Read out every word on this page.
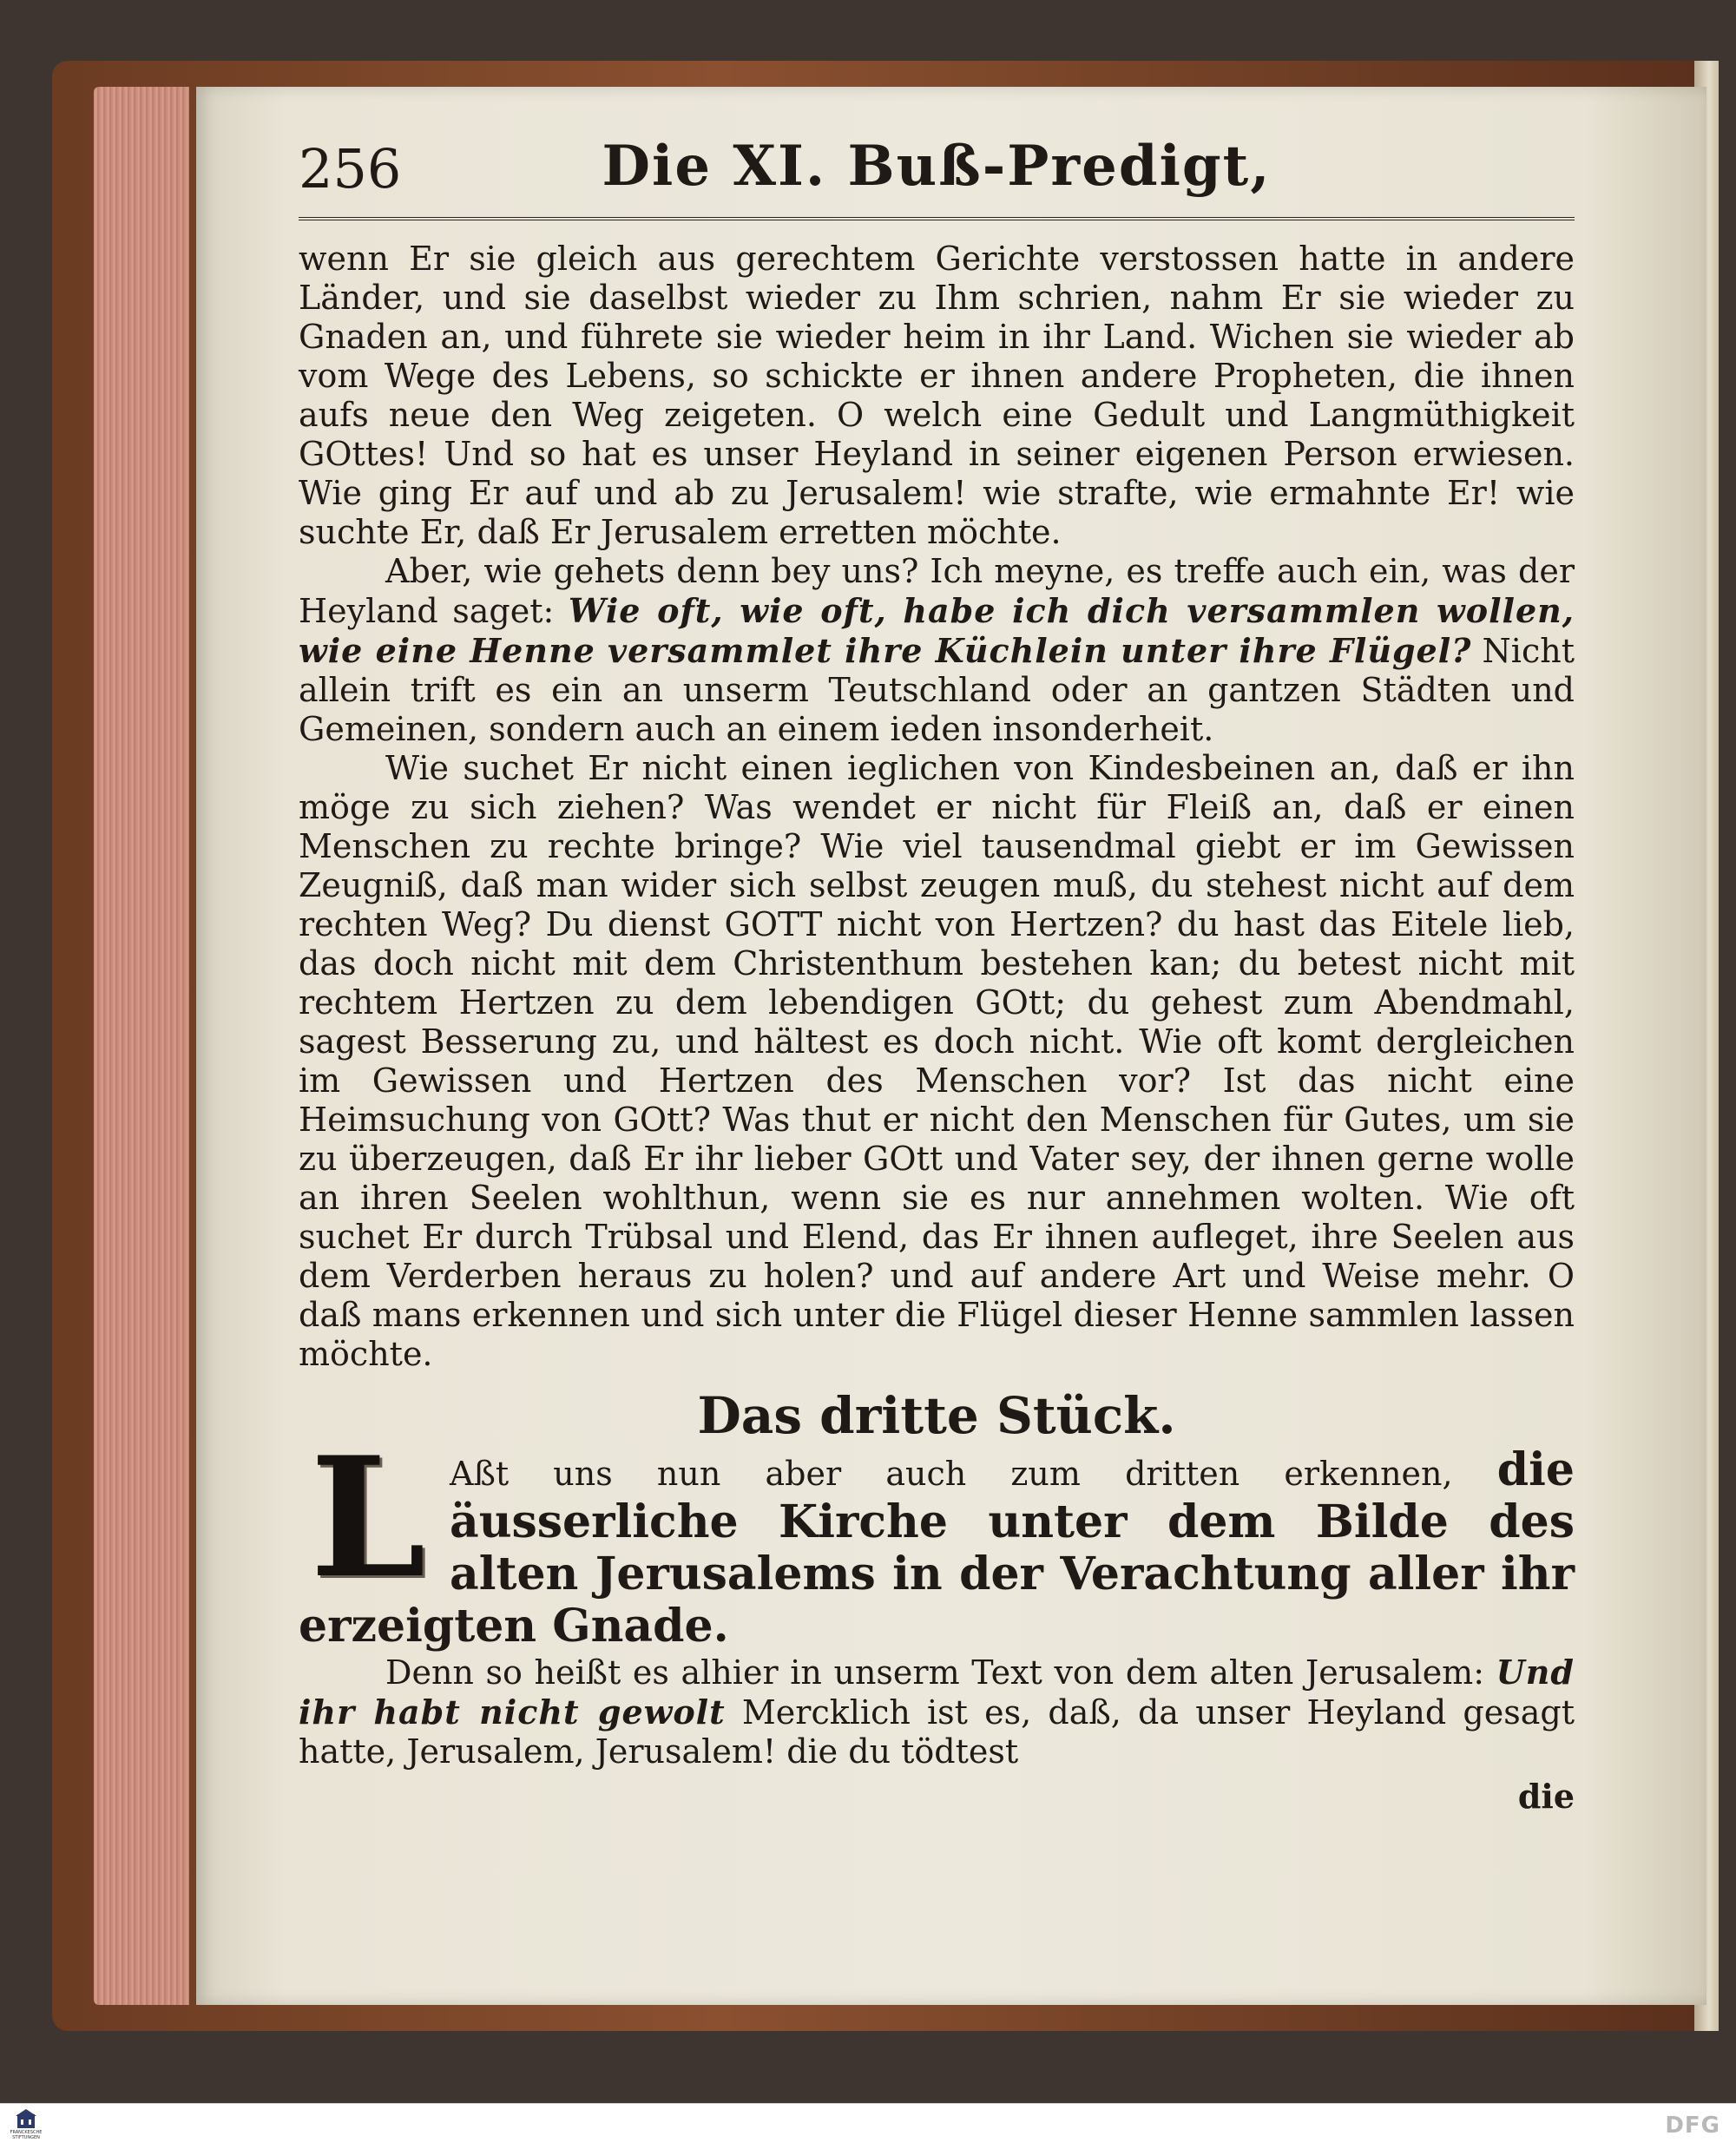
256	Die XI. Buß-Predigt,

wenn Er sie gleich aus gerechtem Gerichte verstossen hatte in andere Länder, und sie daselbst wieder zu Ihm schrien, nahm Er sie wieder zu Gnaden an, und führete sie wieder heim in ihr Land. Wichen sie wieder ab vom Wege des Lebens, so schickte er ihnen andere Propheten, die ihnen aufs neue den Weg zeigeten. O welch eine Gedult und Langmüthigkeit GOttes! Und so hat es unser Heyland in seiner eigenen Person erwiesen. Wie ging Er auf und ab zu Jerusalem! wie strafte, wie ermahnte Er! wie suchte Er, daß Er Jerusalem erretten möchte.

Aber, wie gehets denn bey uns? Ich meyne, es treffe auch ein, was der Heyland saget: Wie oft, wie oft, habe ich dich versammlen wollen, wie eine Henne versammlet ihre Küchlein unter ihre Flügel? Nicht allein trift es ein an unserm Teutschland oder an gantzen Städten und Gemeinen, sondern auch an einem ieden insonderheit.

Wie suchet Er nicht einen ieglichen von Kindesbeinen an, daß er ihn möge zu sich ziehen? Was wendet er nicht für Fleiß an, daß er einen Menschen zu rechte bringe? Wie viel tausendmal giebt er im Gewissen Zeugniß, daß man wider sich selbst zeugen muß, du stehest nicht auf dem rechten Weg? Du dienst GOTT nicht von Hertzen? du hast das Eitele lieb, das doch nicht mit dem Christenthum bestehen kan; du betest nicht mit rechtem Hertzen zu dem lebendigen GOtt; du gehest zum Abendmahl, sagest Besserung zu, und hältest es doch nicht. Wie oft komt dergleichen im Gewissen und Hertzen des Menschen vor? Ist das nicht eine Heimsuchung von GOtt? Was thut er nicht den Menschen für Gutes, um sie zu überzeugen, daß Er ihr lieber GOtt und Vater sey, der ihnen gerne wolle an ihren Seelen wohlthun, wenn sie es nur annehmen wolten. Wie oft suchet Er durch Trübsal und Elend, das Er ihnen aufleget, ihre Seelen aus dem Verderben heraus zu holen? und auf andere Art und Weise mehr. O daß mans erkennen und sich unter die Flügel dieser Henne sammlen lassen möchte.

Das dritte Stück.
L Aßt uns nun aber auch zum dritten erkennen, die äusserliche Kirche unter dem Bilde des alten Jerusalems in der Verachtung aller ihr erzeigten Gnade.

Denn so heißt es alhier in unserm Text von dem alten Jerusalem: Und ihr habt nicht gewolt Mercklich ist es, daß, da unser Heyland gesagt hatte, Jerusalem, Jerusalem! die du tödtest

die
FRANCKESCHE STIFTUNGEN	DFG
